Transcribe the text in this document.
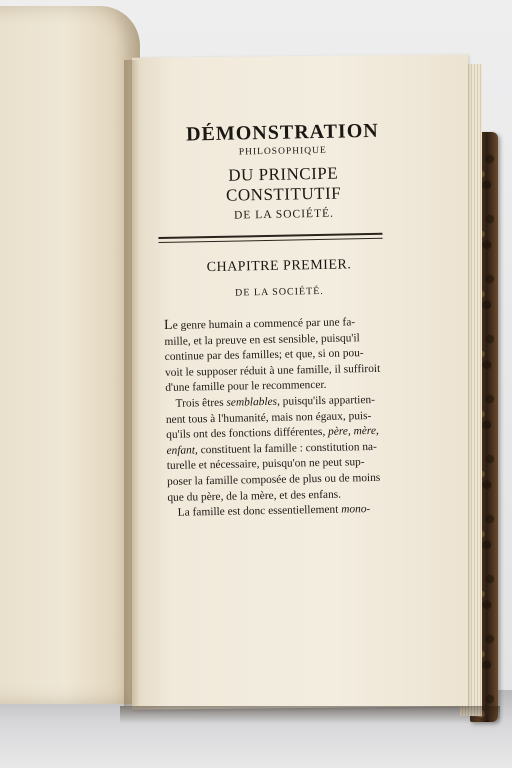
DÉMONSTRATION
PHILOSOPHIQUE
DU PRINCIPE CONSTITUTIF
DE LA SOCIÉTÉ.
CHAPITRE PREMIER.
DE LA SOCIÉTÉ.
Le genre humain a commencé par une fa-
mille, et la preuve en est sensible, puisqu'il
continue par des familles; et que, si on pou-
voit le supposer réduit à une famille, il suffiroit
d'une famille pour le recommencer.
Trois êtres semblables, puisqu'ils appartien-
nent tous à l'humanité, mais non égaux, puis-
qu'ils ont des fonctions différentes, père, mère,
enfant, constituent la famille : constitution na-
turelle et nécessaire, puisqu'on ne peut sup-
poser la famille composée de plus ou de moins
que du père, de la mère, et des enfans.
La famille est donc essentiellement mono-
